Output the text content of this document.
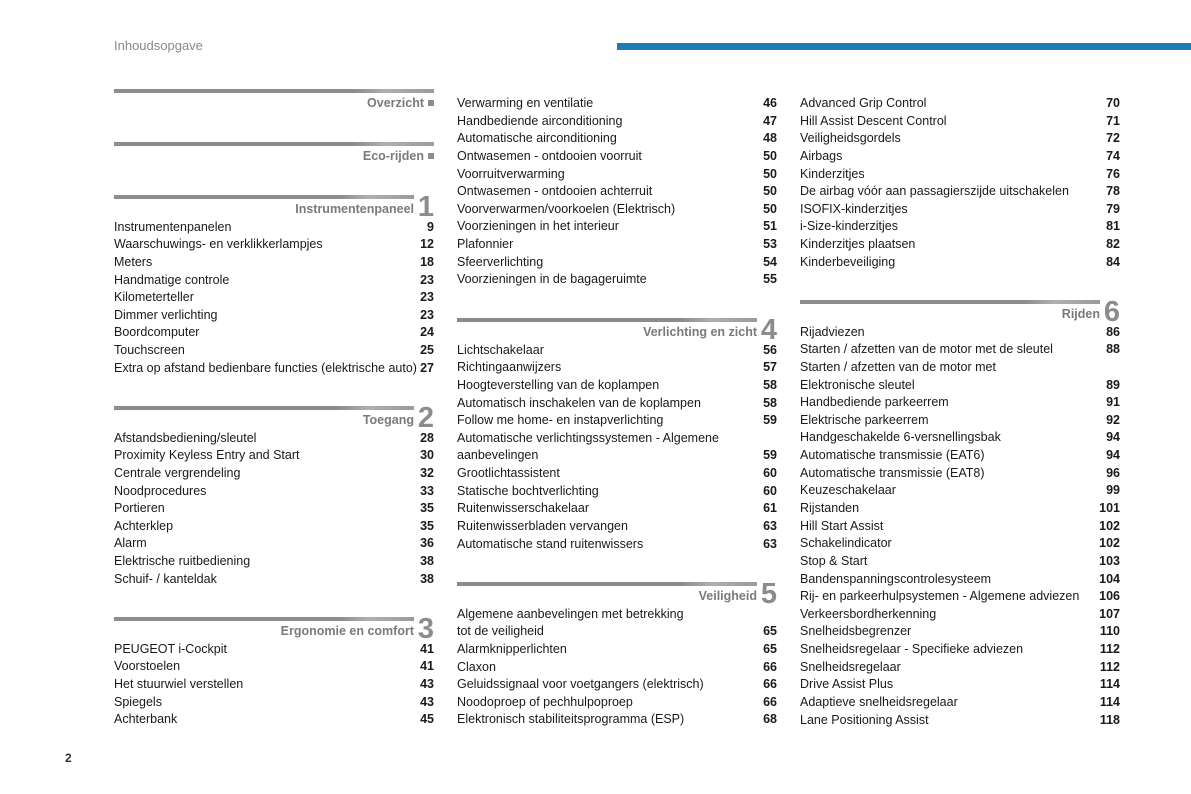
Inhoudsopgave
Overzicht
Eco-rijden
Instrumentenpaneel 1
Instrumentenpanelen	9
Waarschuwings- en verklikkerlampjes	12
Meters	18
Handmatige controle	23
Kilometerteller	23
Dimmer verlichting	23
Boordcomputer	24
Touchscreen	25
Extra op afstand bedienbare functies (elektrische auto) 27
Toegang 2
Afstandsbediening/sleutel	28
Proximity Keyless Entry and Start	30
Centrale vergrendeling	32
Noodprocedures	33
Portieren	35
Achterklep	35
Alarm	36
Elektrische ruitbediening	38
Schuif- / kanteldak	38
Ergonomie en comfort 3
PEUGEOT i-Cockpit	41
Voorstoelen	41
Het stuurwiel verstellen	43
Spiegels	43
Achterbank	45
Verwarming en ventilatie	46
Handbediende airconditioning	47
Automatische airconditioning	48
Ontwasemen - ontdooien voorruit	50
Voorruitverwarming	50
Ontwasemen - ontdooien achterruit	50
Voorverwarmen/voorkoelen (Elektrisch)	50
Voorzieningen in het interieur	51
Plafonnier	53
Sfeerverlichting	54
Voorzieningen in de bagageruimte	55
Verlichting en zicht 4
Lichtschakelaar	56
Richtingaanwijzers	57
Hoogteverstelling van de koplampen	58
Automatisch inschakelen van de koplampen	58
Follow me home- en instapverlichting	59
Automatische verlichtingssystemen - Algemene
aanbevelingen	59
Grootlichtassistent	60
Statische bochtverlichting	60
Ruitenwisserschakelaar	61
Ruitenwisserbladen vervangen	63
Automatische stand ruitenwissers	63
Veiligheid 5
Algemene aanbevelingen met betrekking
tot de veiligheid	65
Alarmknipperlichten	65
Claxon	66
Geluidssignaal voor voetgangers (elektrisch)	66
Noodoproep of pechhulpoproep	66
Elektronisch stabiliteitsprogramma (ESP)	68
Advanced Grip Control	70
Hill Assist Descent Control	71
Veiligheidsgordels	72
Airbags	74
Kinderzitjes	76
De airbag vóór aan passagierszijde uitschakelen	78
ISOFIX-kinderzitjes	79
i-Size-kinderzitjes	81
Kinderzitjes plaatsen	82
Kinderbeveiliging	84
Rijden 6
Rijadviezen	86
Starten / afzetten van de motor met de sleutel	88
Starten / afzetten van de motor met
Elektronische sleutel	89
Handbediende parkeerrem	91
Elektrische parkeerrem	92
Handgeschakelde 6-versnellingsbak	94
Automatische transmissie (EAT6)	94
Automatische transmissie (EAT8)	96
Keuzeschakelaar	99
Rijstanden	101
Hill Start Assist	102
Schakelindicator	102
Stop & Start	103
Bandenspanningscontrolesysteem	104
Rij- en parkeerhulpsystemen - Algemene adviezen 106
Verkeersbordherkenning	107
Snelheidsbegrenzer	110
Snelheidsregelaar - Specifieke adviezen	112
Snelheidsregelaar	112
Drive Assist Plus	114
Adaptieve snelheidsregelaar	114
Lane Positioning Assist	118
2
